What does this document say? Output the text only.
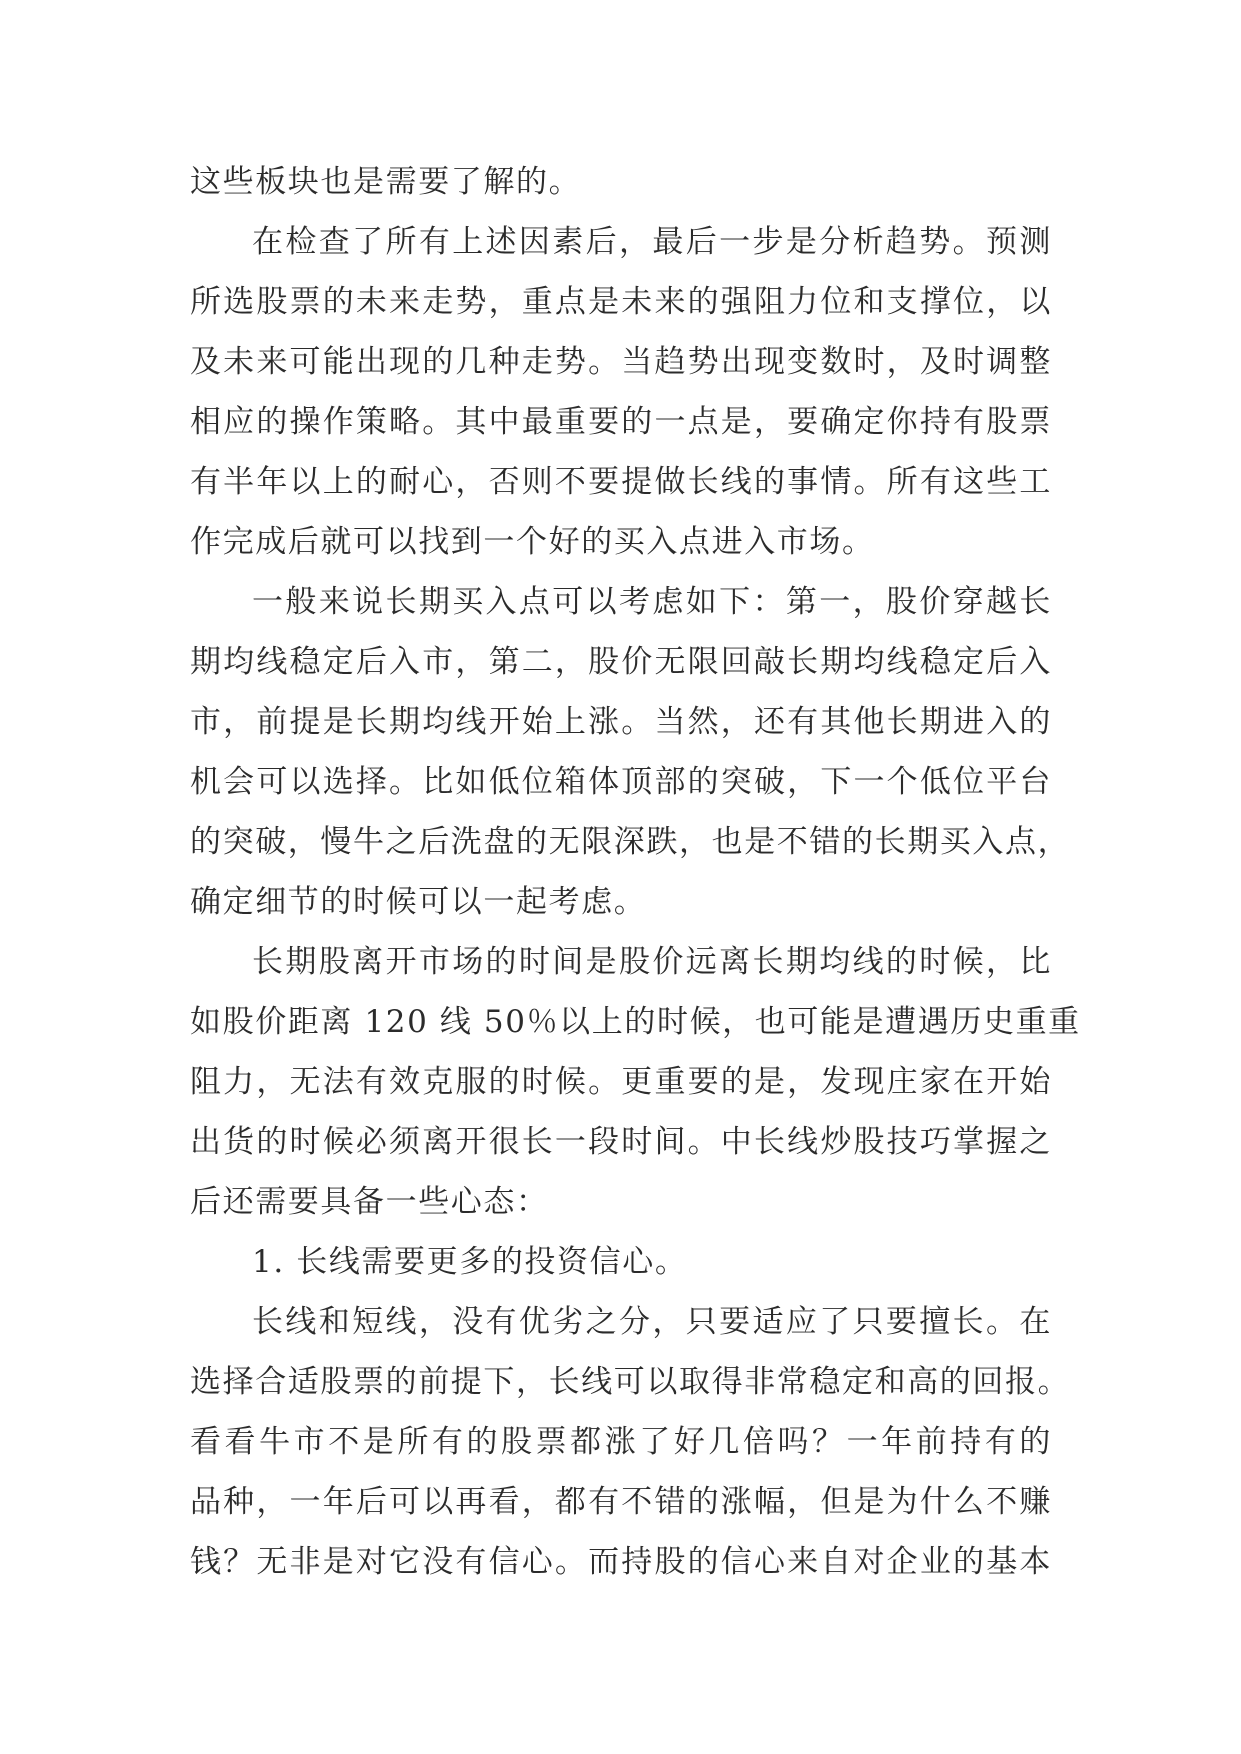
这些板块也是需要了解的。
在检查了所有上述因素后，最后一步是分析趋势。预测
所选股票的未来走势，重点是未来的强阻力位和支撑位，以
及未来可能出现的几种走势。当趋势出现变数时，及时调整
相应的操作策略。其中最重要的一点是，要确定你持有股票
有半年以上的耐心，否则不要提做长线的事情。所有这些工
作完成后就可以找到一个好的买入点进入市场。
一般来说长期买入点可以考虑如下：第一，股价穿越长
期均线稳定后入市，第二，股价无限回敲长期均线稳定后入
市，前提是长期均线开始上涨。当然，还有其他长期进入的
机会可以选择。比如低位箱体顶部的突破，下一个低位平台
的突破，慢牛之后洗盘的无限深跌，也是不错的长期买入点，
确定细节的时候可以一起考虑。
长期股离开市场的时间是股价远离长期均线的时候，比
如股价距离 120 线 50％以上的时候，也可能是遭遇历史重重
阻力，无法有效克服的时候。更重要的是，发现庄家在开始
出货的时候必须离开很长一段时间。中长线炒股技巧掌握之
后还需要具备一些心态：
1. 长线需要更多的投资信心。
长线和短线，没有优劣之分，只要适应了只要擅长。在
选择合适股票的前提下，长线可以取得非常稳定和高的回报。
看看牛市不是所有的股票都涨了好几倍吗？一年前持有的
品种，一年后可以再看，都有不错的涨幅，但是为什么不赚
钱？无非是对它没有信心。而持股的信心来自对企业的基本
